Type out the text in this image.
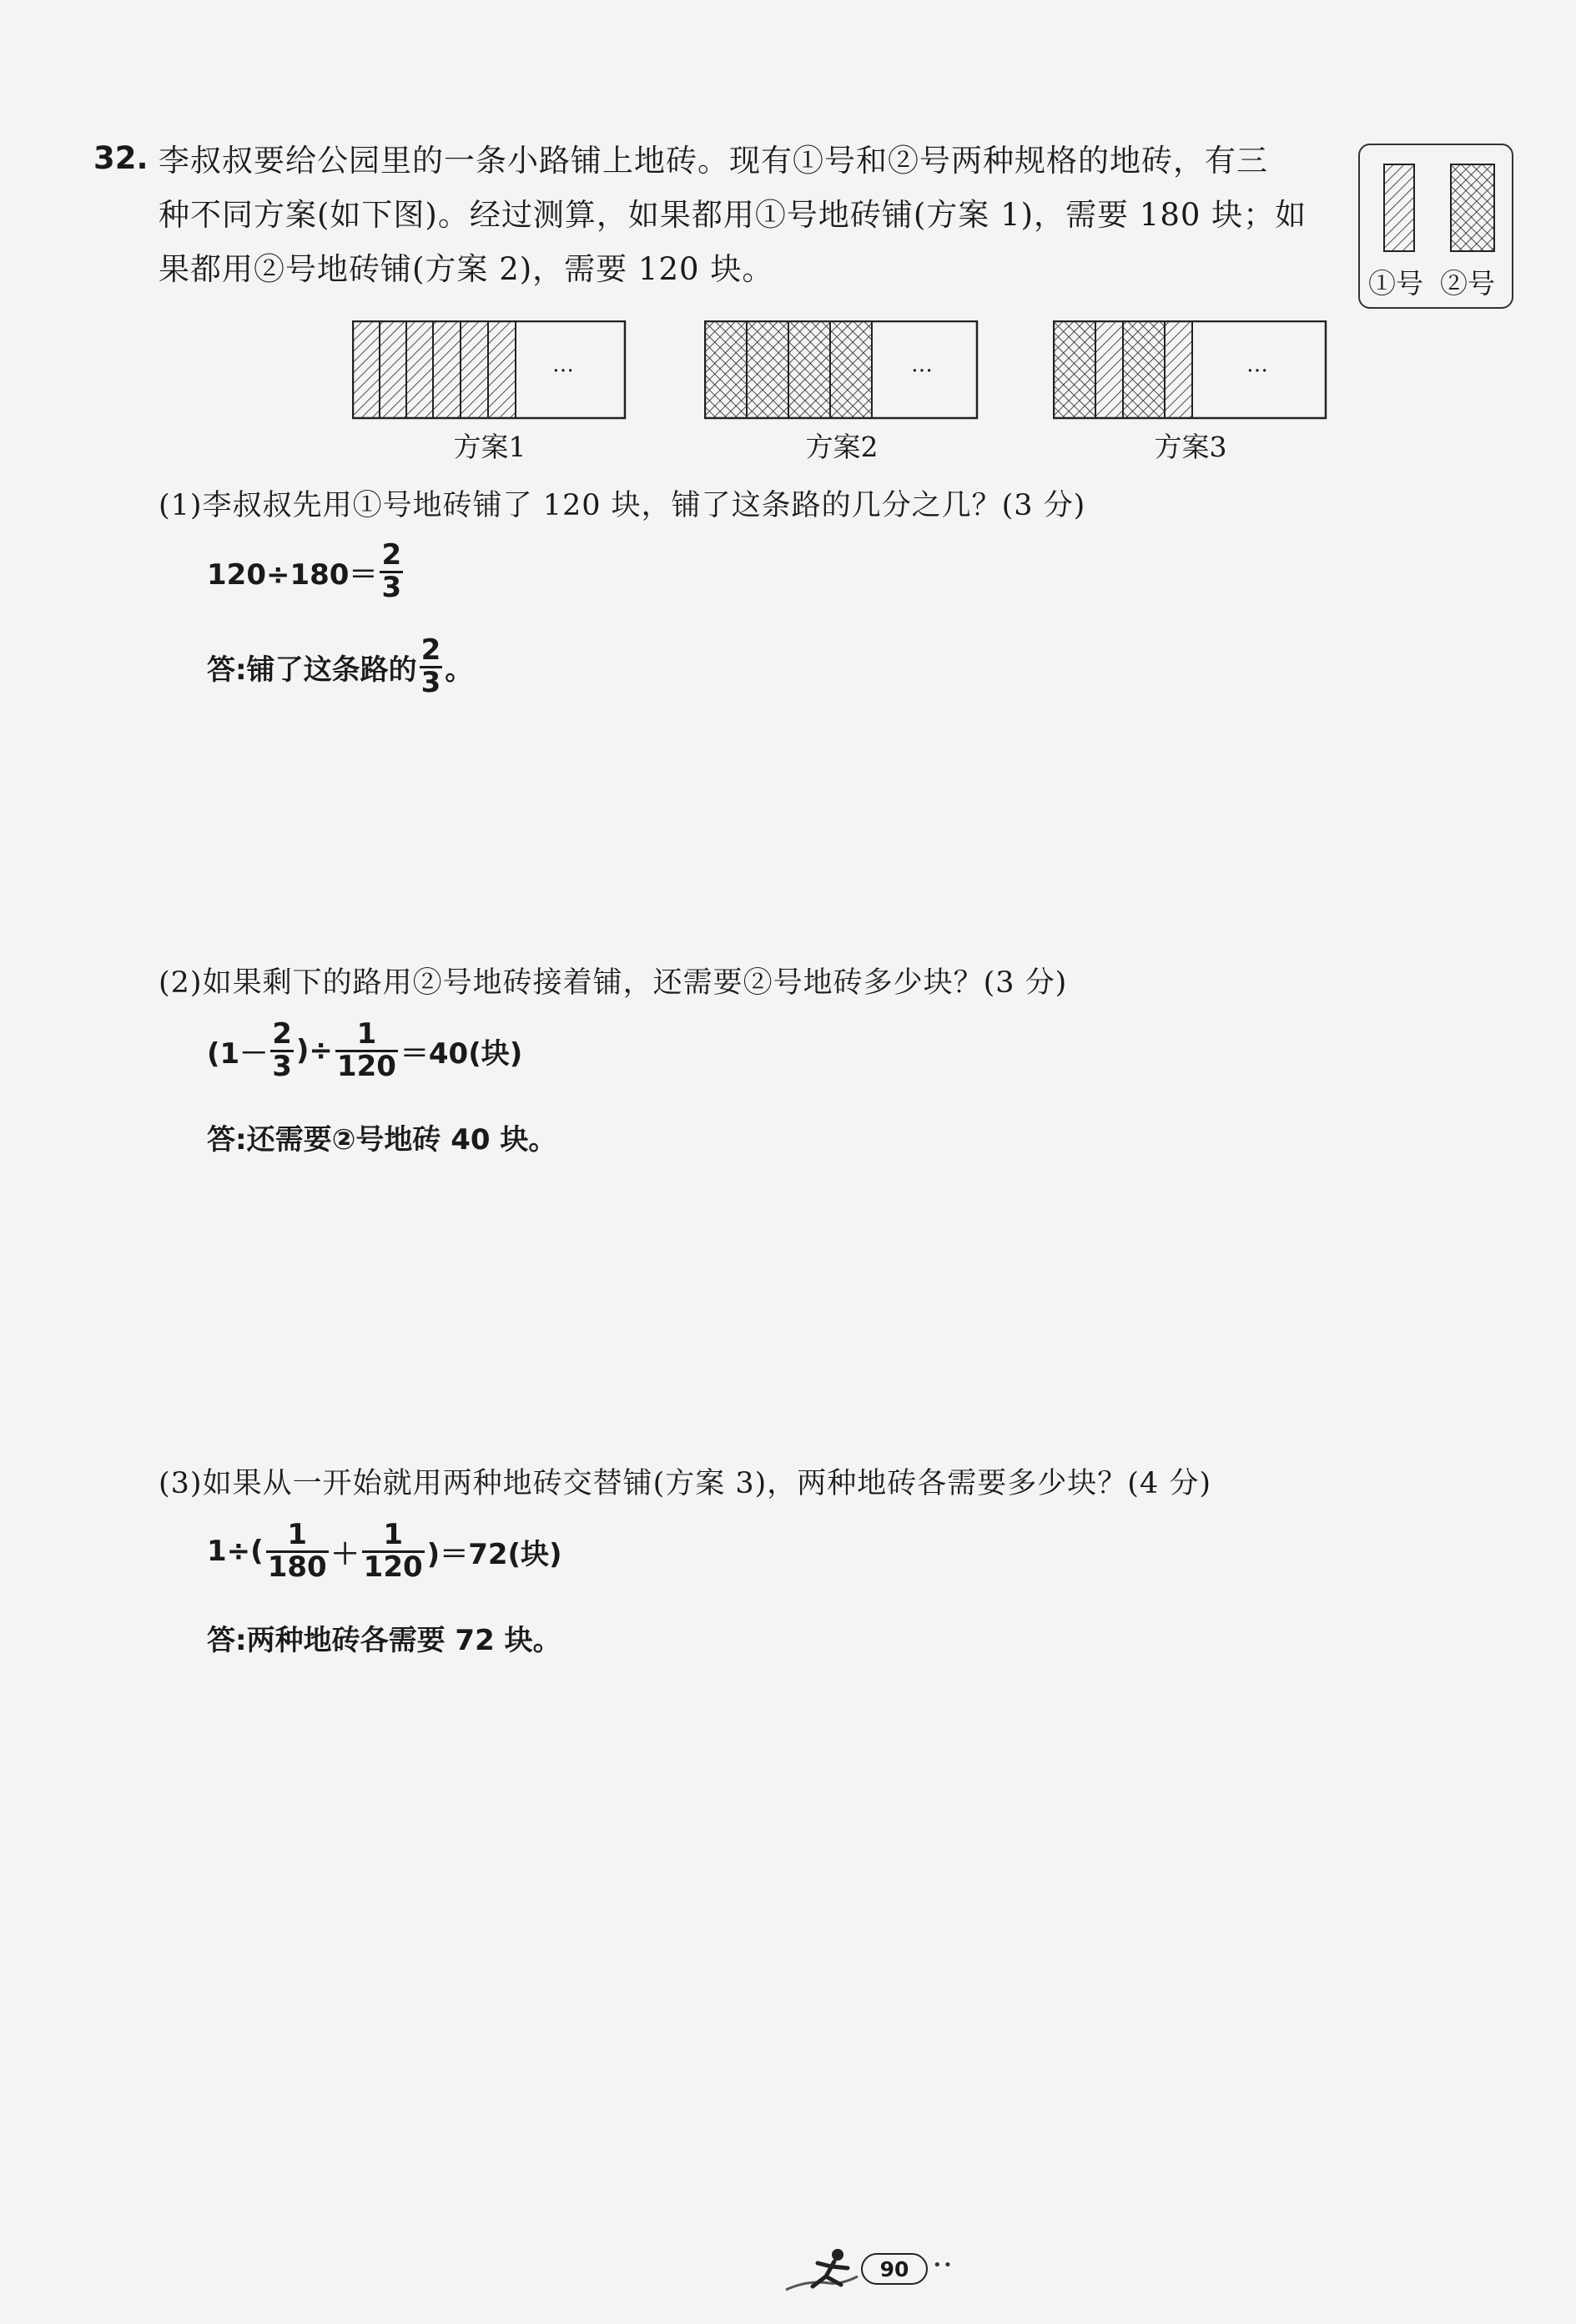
32. 李叔叔要给公园里的一条小路铺上地砖。现有①号和②号两种规格的地砖，有三

种不同方案(如下图)。经过测算，如果都用①号地砖铺(方案 1)，需要 180 块；如

果都用②号地砖铺(方案 2)，需要 120 块。	①号 ②号
…
方案1
…
方案2
…
方案3
(1)李叔叔先用①号地砖铺了 120 块，铺了这条路的几分之几？(3 分)
$120\div 180= \frac{2}{3}$
答:铺了这条路的 $\frac{2}{3}$ 。
(2)如果剩下的路用②号地砖接着铺，还需要②号地砖多少块？(3 分)
($1- \frac{2}{3}$ )÷ $\frac{1}{120} =40$(块)
答:还需要②号地砖 40 块。
(3)如果从一开始就用两种地砖交替铺(方案 3)，两种地砖各需要多少块？(4 分)
$1\div( \frac{1}{180} + \frac{1}{120} )=72$(块)
答:两种地砖各需要 72 块。
90	••
